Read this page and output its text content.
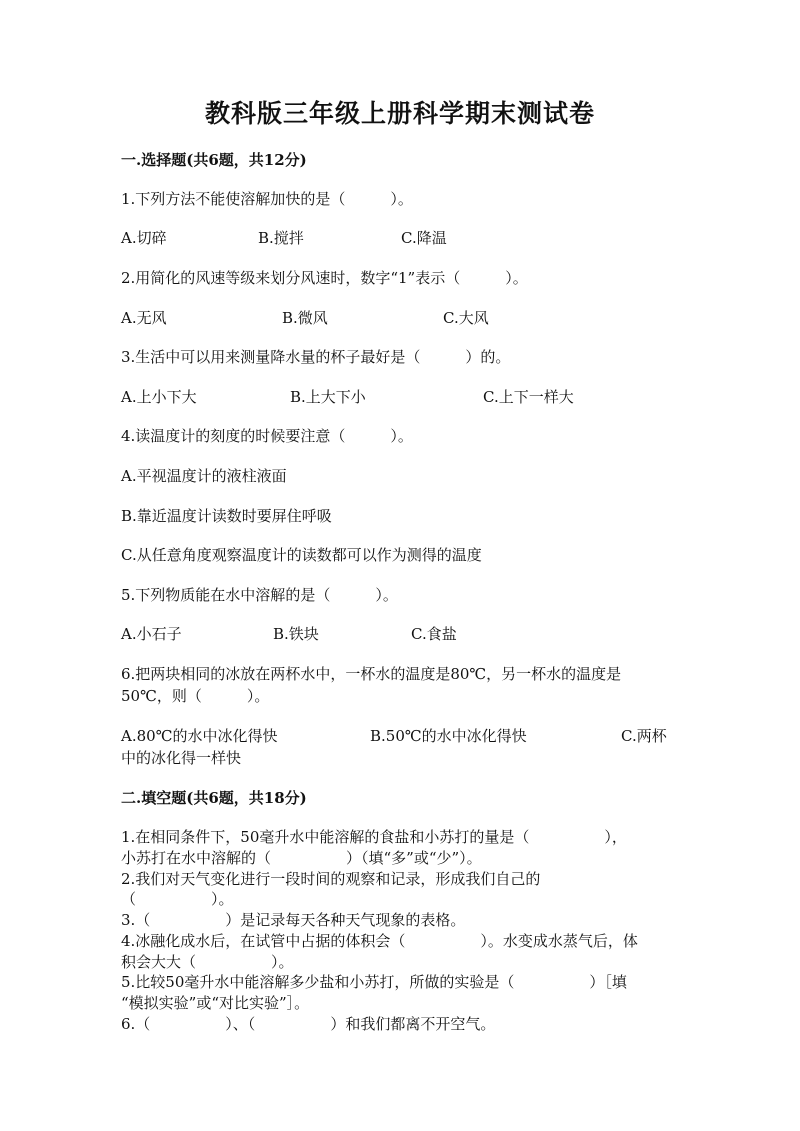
教科版三年级上册科学期末测试卷
一.选择题(共6题，共12分)
1.下列方法不能使溶解加快的是（　　　）。
A.切碎	B.搅拌	C.降温
2.用简化的风速等级来划分风速时，数字“1”表示（　　　）。
A.无风	B.微风	C.大风
3.生活中可以用来测量降水量的杯子最好是（　　　）的。
A.上小下大	B.上大下小	C.上下一样大
4.读温度计的刻度的时候要注意（　　　）。
A.平视温度计的液柱液面
B.靠近温度计读数时要屏住呼吸
C.从任意角度观察温度计的读数都可以作为测得的温度
5.下列物质能在水中溶解的是（　　　）。
A.小石子	B.铁块	C.食盐
6.把两块相同的冰放在两杯水中，一杯水的温度是80℃，另一杯水的温度是
50℃，则（　　　）。
A.80℃的水中冰化得快	B.50℃的水中冰化得快	C.两杯
中的冰化得一样快
二.填空题(共6题，共18分)
1.在相同条件下，50毫升水中能溶解的食盐和小苏打的量是（　　　　　），
小苏打在水中溶解的（　　　　　）（填“多”或“少”）。
2.我们对天气变化进行一段时间的观察和记录，形成我们自己的
（　　　　　）。
3.（　　　　　）是记录每天各种天气现象的表格。
4.冰融化成水后，在试管中占据的体积会（　　　　　）。水变成水蒸气后，体
积会大大（　　　　　）。
5.比较50毫升水中能溶解多少盐和小苏打，所做的实验是（　　　　　）［填
“模拟实验”或“对比实验”］。
6.（　　　　　）、（　　　　　）和我们都离不开空气。
